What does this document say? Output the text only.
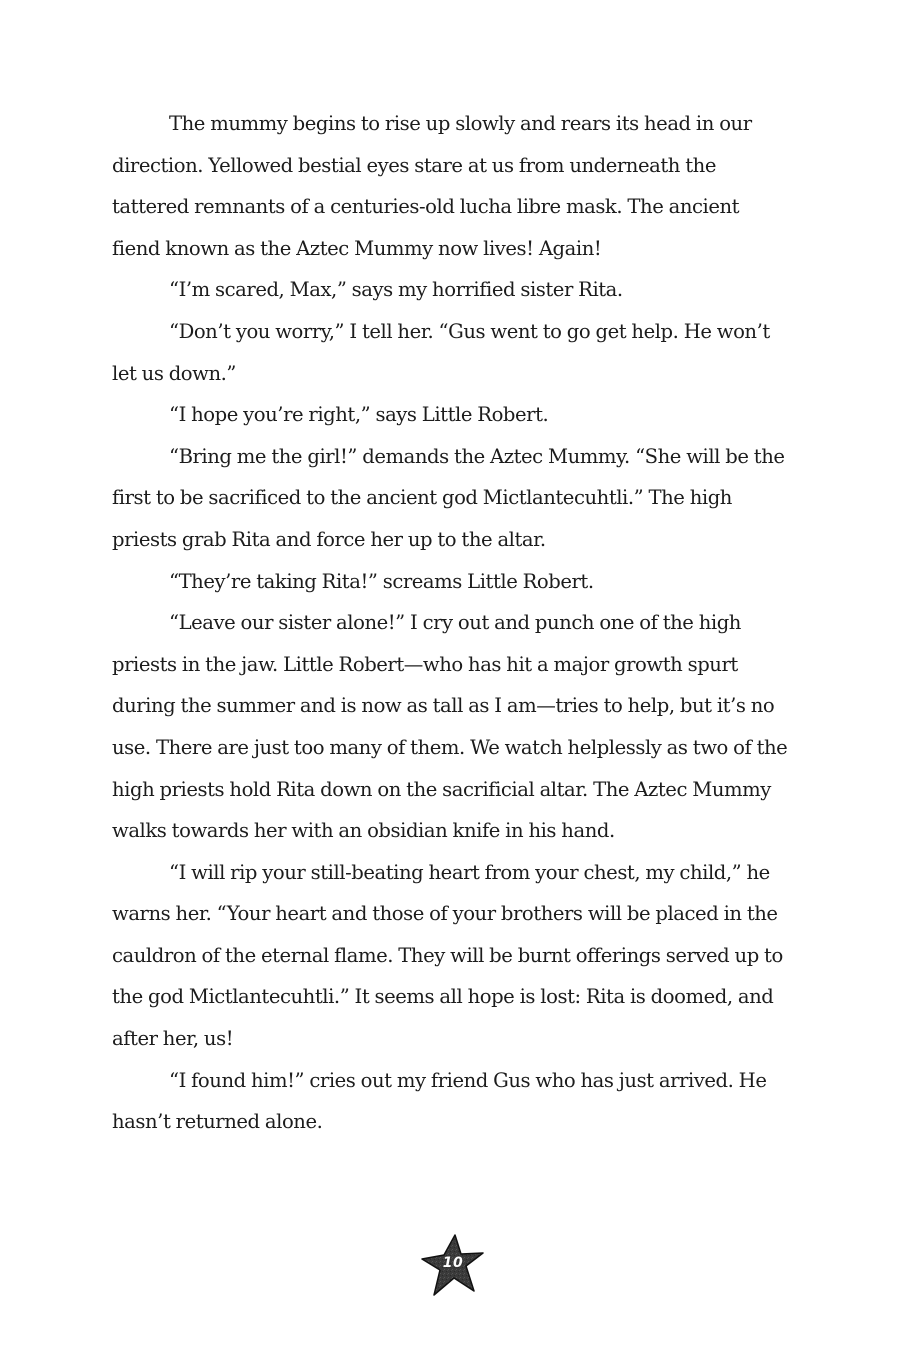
The mummy begins to rise up slowly and rears its head in our direction. Yellowed bestial eyes stare at us from underneath the tattered remnants of a centuries-old lucha libre mask. The ancient fiend known as the Aztec Mummy now lives! Again!

“I’m scared, Max,” says my horrified sister Rita.

“Don’t you worry,” I tell her. “Gus went to go get help. He won’t let us down.”

“I hope you’re right,” says Little Robert.

“Bring me the girl!” demands the Aztec Mummy. “She will be the first to be sacrificed to the ancient god Mictlantecuhtli.” The high priests grab Rita and force her up to the altar.

“They’re taking Rita!” screams Little Robert.

“Leave our sister alone!” I cry out and punch one of the high priests in the jaw. Little Robert—who has hit a major growth spurt during the summer and is now as tall as I am—tries to help, but it’s no use. There are just too many of them. We watch helplessly as two of the high priests hold Rita down on the sacrificial altar. The Aztec Mummy walks towards her with an obsidian knife in his hand.

“I will rip your still-beating heart from your chest, my child,” he warns her. “Your heart and those of your brothers will be placed in the cauldron of the eternal flame. They will be burnt offerings served up to the god Mictlantecuhtli.” It seems all hope is lost: Rita is doomed, and after her, us!

“I found him!” cries out my friend Gus who has just arrived. He hasn’t returned alone.

10
